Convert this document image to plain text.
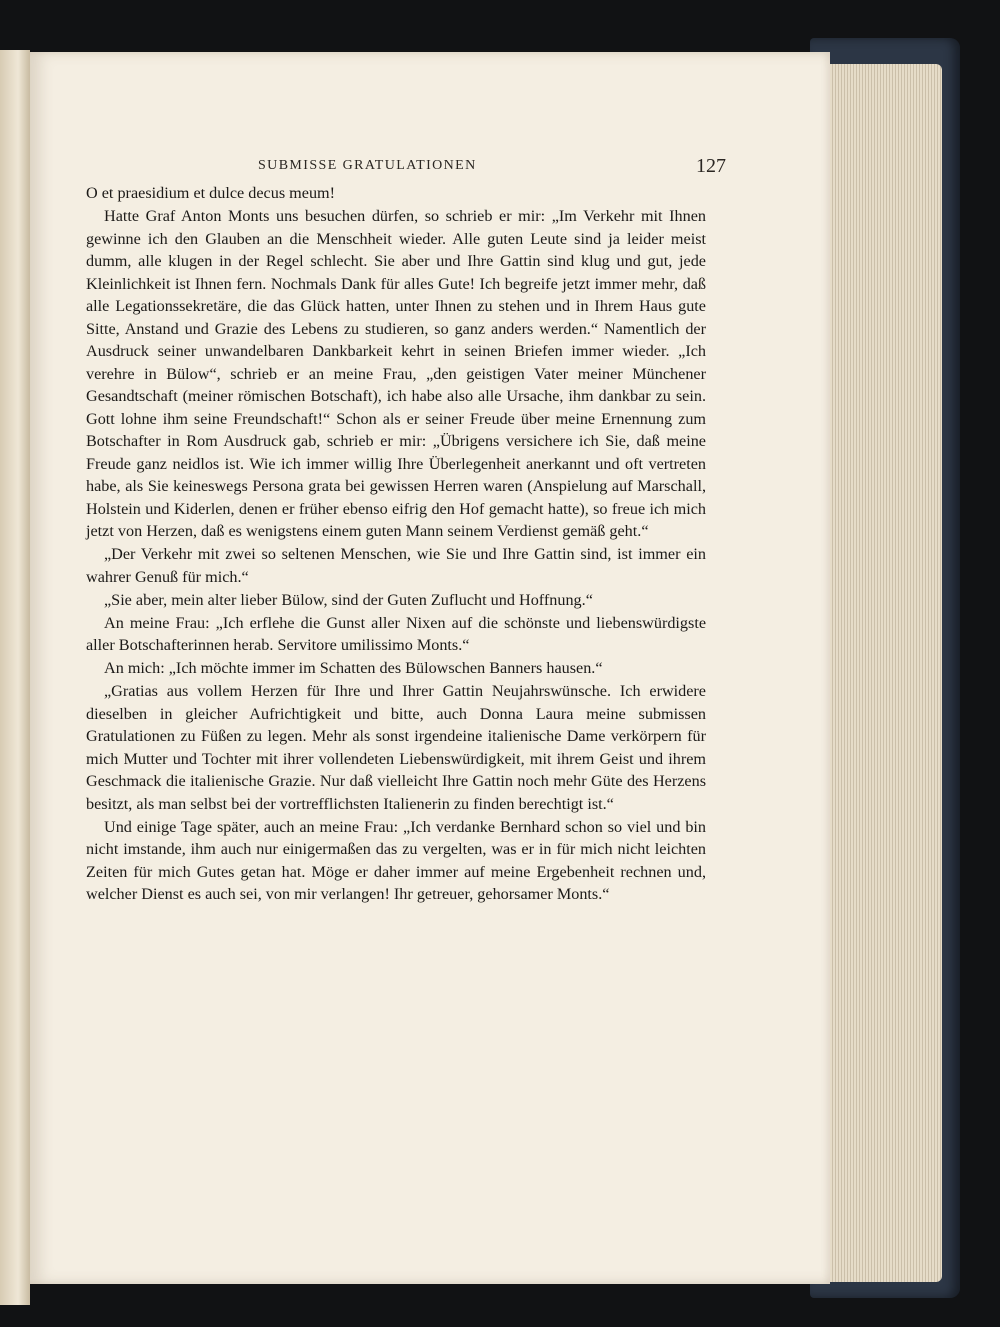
SUBMISSE GRATULATIONEN	127

O et praesidium et dulce decus meum!

Hatte Graf Anton Monts uns besuchen dürfen, so schrieb er mir: „Im Verkehr mit Ihnen gewinne ich den Glauben an die Menschheit wieder. Alle guten Leute sind ja leider meist dumm, alle klugen in der Regel schlecht. Sie aber und Ihre Gattin sind klug und gut, jede Kleinlichkeit ist Ihnen fern. Nochmals Dank für alles Gute! Ich begreife jetzt immer mehr, daß alle Legationssekretäre, die das Glück hatten, unter Ihnen zu stehen und in Ihrem Haus gute Sitte, Anstand und Grazie des Lebens zu studieren, so ganz anders werden.“ Namentlich der Ausdruck seiner unwandelbaren Dankbarkeit kehrt in seinen Briefen immer wieder. „Ich verehre in Bülow“, schrieb er an meine Frau, „den geistigen Vater meiner Münchener Gesandtschaft (meiner römischen Botschaft), ich habe also alle Ursache, ihm dankbar zu sein. Gott lohne ihm seine Freundschaft!“ Schon als er seiner Freude über meine Ernennung zum Botschafter in Rom Ausdruck gab, schrieb er mir: „Übrigens versichere ich Sie, daß meine Freude ganz neidlos ist. Wie ich immer willig Ihre Überlegenheit anerkannt und oft vertreten habe, als Sie keineswegs Persona grata bei gewissen Herren waren (Anspielung auf Marschall, Holstein und Kiderlen, denen er früher ebenso eifrig den Hof gemacht hatte), so freue ich mich jetzt von Herzen, daß es wenigstens einem guten Mann seinem Verdienst gemäß geht.“

„Der Verkehr mit zwei so seltenen Menschen, wie Sie und Ihre Gattin sind, ist immer ein wahrer Genuß für mich.“

„Sie aber, mein alter lieber Bülow, sind der Guten Zuflucht und Hoffnung.“

An meine Frau: „Ich erflehe die Gunst aller Nixen auf die schönste und liebenswürdigste aller Botschafterinnen herab. Servitore umilissimo Monts.“

An mich: „Ich möchte immer im Schatten des Bülowschen Banners hausen.“

„Gratias aus vollem Herzen für Ihre und Ihrer Gattin Neujahrswünsche. Ich erwidere dieselben in gleicher Aufrichtigkeit und bitte, auch Donna Laura meine submissen Gratulationen zu Füßen zu legen. Mehr als sonst irgendeine italienische Dame verkörpern für mich Mutter und Tochter mit ihrer vollendeten Liebenswürdigkeit, mit ihrem Geist und ihrem Geschmack die italienische Grazie. Nur daß vielleicht Ihre Gattin noch mehr Güte des Herzens besitzt, als man selbst bei der vortrefflichsten Italienerin zu finden berechtigt ist.“

Und einige Tage später, auch an meine Frau: „Ich verdanke Bernhard schon so viel und bin nicht imstande, ihm auch nur einigermaßen das zu vergelten, was er in für mich nicht leichten Zeiten für mich Gutes getan hat. Möge er daher immer auf meine Ergebenheit rechnen und, welcher Dienst es auch sei, von mir verlangen! Ihr getreuer, gehorsamer Monts.“
